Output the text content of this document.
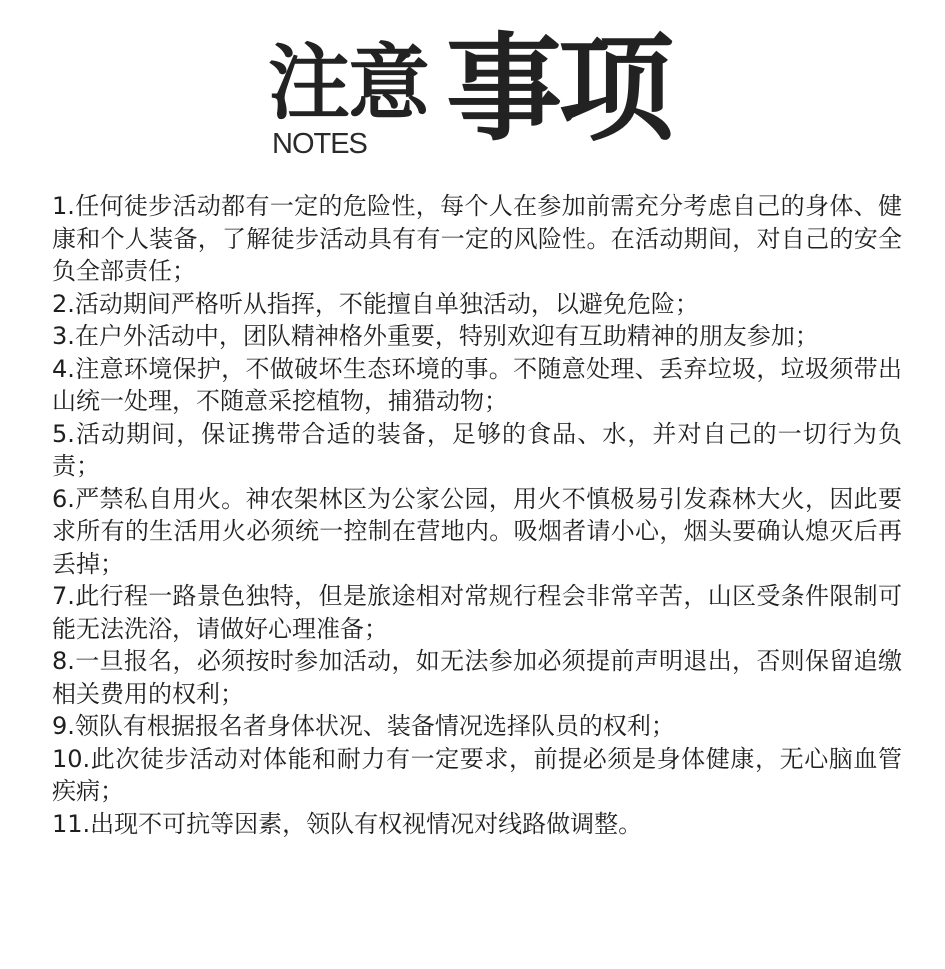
注意 事项
NOTES
1.任何徒步活动都有一定的危险性，每个人在参加前需充分考虑自己的身体、健康和个人装备，了解徒步活动具有有一定的风险性。在活动期间，对自己的安全负全部责任；
2.活动期间严格听从指挥，不能擅自单独活动，以避免危险；
3.在户外活动中，团队精神格外重要，特别欢迎有互助精神的朋友参加；
4.注意环境保护，不做破坏生态环境的事。不随意处理、丢弃垃圾，垃圾须带出山统一处理，不随意采挖植物，捕猎动物；
5.活动期间，保证携带合适的装备，足够的食品、水，并对自己的一切行为负责；
6.严禁私自用火。神农架林区为公家公园，用火不慎极易引发森林大火，因此要求所有的生活用火必须统一控制在营地内。吸烟者请小心，烟头要确认熄灭后再丢掉；
7.此行程一路景色独特，但是旅途相对常规行程会非常辛苦，山区受条件限制可能无法洗浴，请做好心理准备；
8.一旦报名，必须按时参加活动，如无法参加必须提前声明退出，否则保留追缴相关费用的权利；
9.领队有根据报名者身体状况、装备情况选择队员的权利；
10.此次徒步活动对体能和耐力有一定要求，前提必须是身体健康，无心脑血管疾病；
11.出现不可抗等因素，领队有权视情况对线路做调整。
